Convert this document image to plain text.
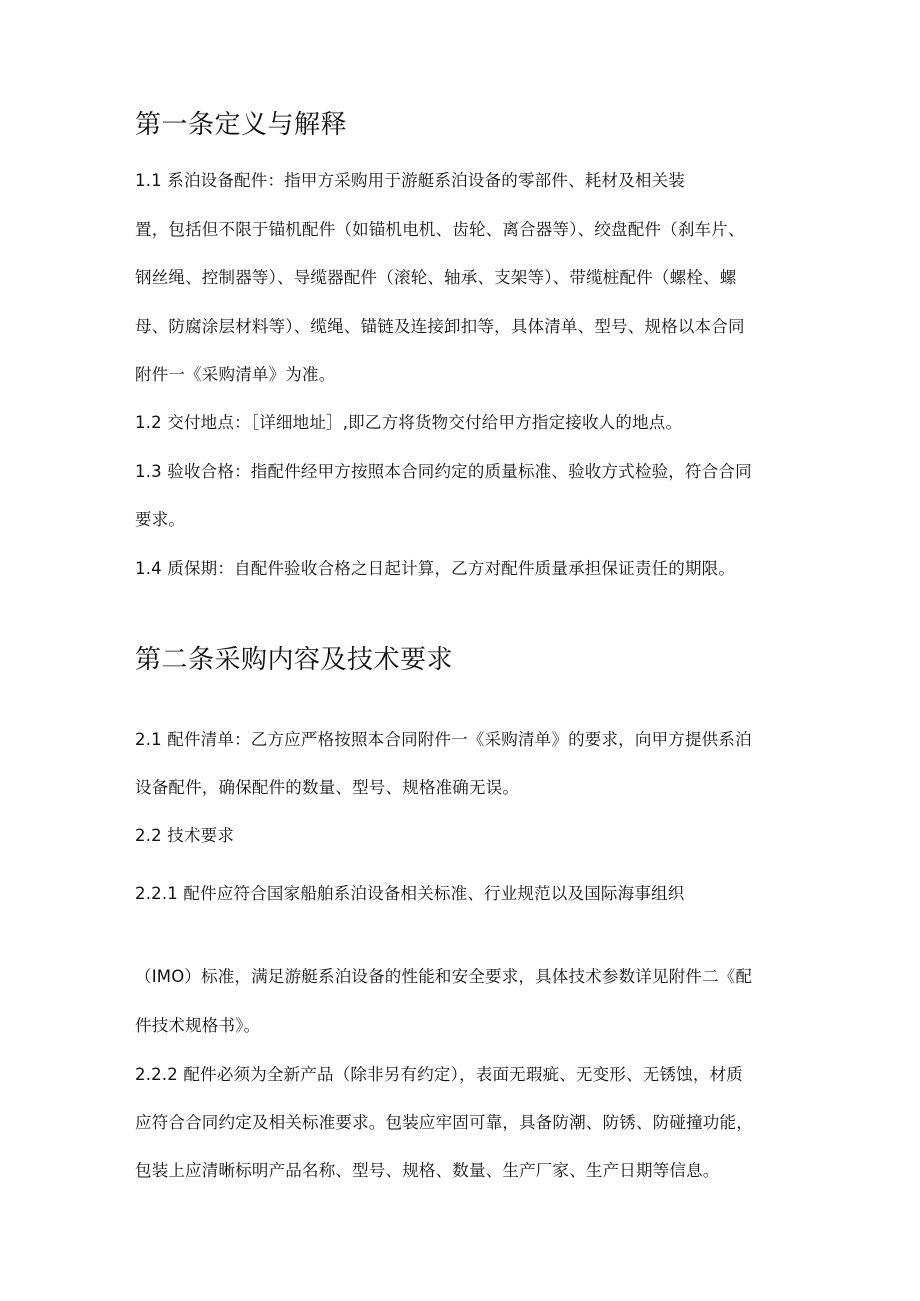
第一条定义与解释
1.1 系泊设备配件：指甲方采购用于游艇系泊设备的零部件、耗材及相关装
置，包括但不限于锚机配件（如锚机电机、齿轮、离合器等）、绞盘配件（刹车片、
钢丝绳、控制器等）、导缆器配件（滚轮、轴承、支架等）、带缆桩配件（螺栓、螺
母、防腐涂层材料等）、缆绳、锚链及连接卸扣等，具体清单、型号、规格以本合同
附件一《采购清单》为准。
1.2 交付地点：［详细地址］,即乙方将货物交付给甲方指定接收人的地点。
1.3 验收合格：指配件经甲方按照本合同约定的质量标准、验收方式检验，符合合同
要求。
1.4 质保期：自配件验收合格之日起计算，乙方对配件质量承担保证责任的期限。
第二条采购内容及技术要求
2.1 配件清单：乙方应严格按照本合同附件一《采购清单》的要求，向甲方提供系泊
设备配件，确保配件的数量、型号、规格准确无误。
2.2 技术要求
2.2.1 配件应符合国家船舶系泊设备相关标准、行业规范以及国际海事组织
（IMO）标准，满足游艇系泊设备的性能和安全要求，具体技术参数详见附件二《配
件技术规格书》。
2.2.2 配件必须为全新产品（除非另有约定），表面无瑕疵、无变形、无锈蚀，材质
应符合合同约定及相关标准要求。包装应牢固可靠，具备防潮、防锈、防碰撞功能，
包装上应清晰标明产品名称、型号、规格、数量、生产厂家、生产日期等信息。
